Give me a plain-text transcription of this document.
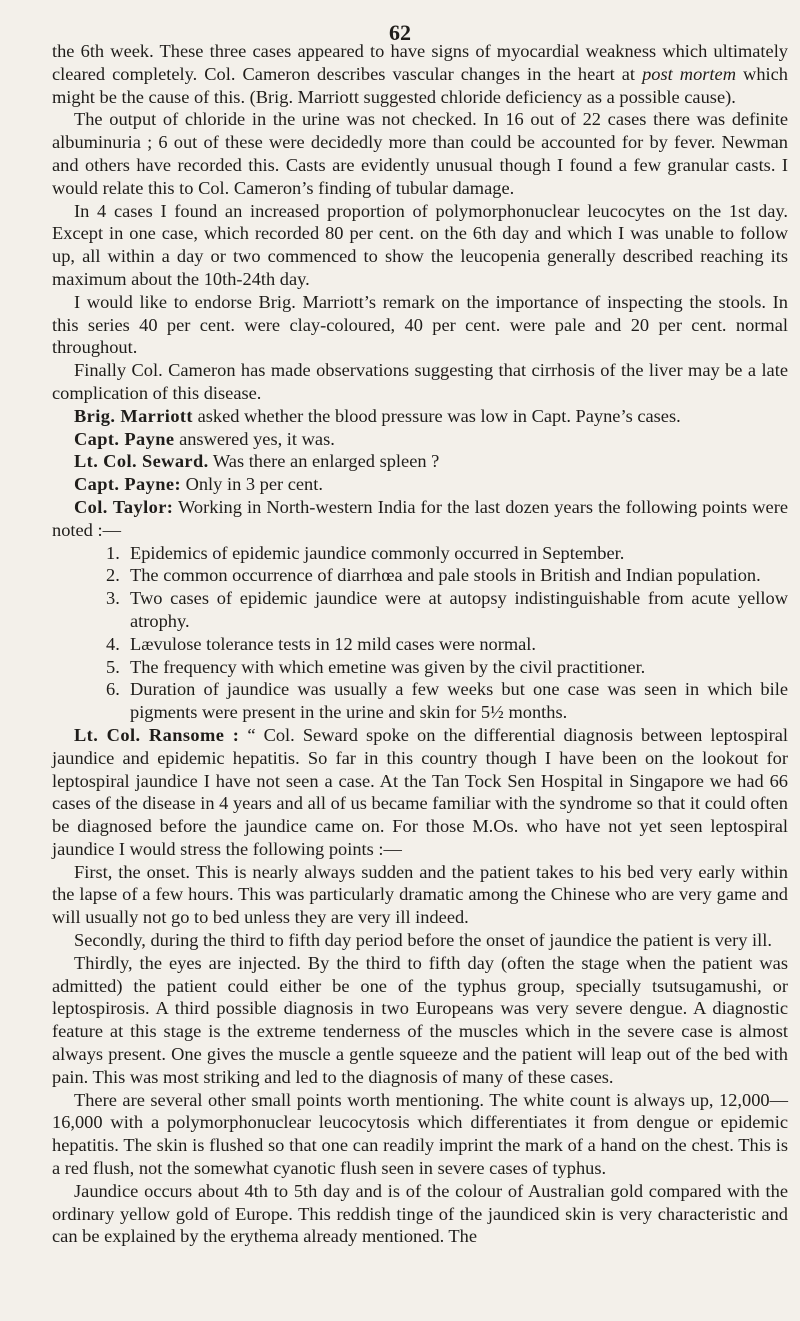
62

the 6th week. These three cases appeared to have signs of myocardial weakness which ultimately cleared completely. Col. Cameron describes vascular changes in the heart at post mortem which might be the cause of this. (Brig. Marriott suggested chloride deficiency as a possible cause).

The output of chloride in the urine was not checked. In 16 out of 22 cases there was definite albuminuria ; 6 out of these were decidedly more than could be accounted for by fever. Newman and others have recorded this. Casts are evidently unusual though I found a few granular casts. I would relate this to Col. Cameron’s finding of tubular damage.

In 4 cases I found an increased proportion of polymorphonuclear leucocytes on the 1st day. Except in one case, which recorded 80 per cent. on the 6th day and which I was unable to follow up, all within a day or two commenced to show the leucopenia generally described reaching its maximum about the 10th-24th day.

I would like to endorse Brig. Marriott’s remark on the importance of inspecting the stools. In this series 40 per cent. were clay-coloured, 40 per cent. were pale and 20 per cent. normal throughout.

Finally Col. Cameron has made observations suggesting that cirrhosis of the liver may be a late complication of this disease.

Brig. Marriott asked whether the blood pressure was low in Capt. Payne’s cases.

Capt. Payne answered yes, it was.

Lt. Col. Seward. Was there an enlarged spleen ?

Capt. Payne: Only in 3 per cent.

Col. Taylor: Working in North-western India for the last dozen years the following points were noted :—

1. Epidemics of epidemic jaundice commonly occurred in September.
2. The common occurrence of diarrhœa and pale stools in British and Indian population.
3. Two cases of epidemic jaundice were at autopsy indistinguishable from acute yellow atrophy.
4. Lævulose tolerance tests in 12 mild cases were normal.
5. The frequency with which emetine was given by the civil practitioner.
6. Duration of jaundice was usually a few weeks but one case was seen in which bile pigments were present in the urine and skin for 5½ months.

Lt. Col. Ransome : “ Col. Seward spoke on the differential diagnosis between leptospiral jaundice and epidemic hepatitis. So far in this country though I have been on the lookout for leptospiral jaundice I have not seen a case. At the Tan Tock Sen Hospital in Singapore we had 66 cases of the disease in 4 years and all of us became familiar with the syndrome so that it could often be diagnosed before the jaundice came on. For those M.Os. who have not yet seen leptospiral jaundice I would stress the following points :—

First, the onset. This is nearly always sudden and the patient takes to his bed very early within the lapse of a few hours. This was particularly dramatic among the Chinese who are very game and will usually not go to bed unless they are very ill indeed.

Secondly, during the third to fifth day period before the onset of jaundice the patient is very ill.

Thirdly, the eyes are injected. By the third to fifth day (often the stage when the patient was admitted) the patient could either be one of the typhus group, specially tsutsugamushi, or leptospirosis. A third possible diagnosis in two Europeans was very severe dengue. A diagnostic feature at this stage is the extreme tenderness of the muscles which in the severe case is almost always present. One gives the muscle a gentle squeeze and the patient will leap out of the bed with pain. This was most striking and led to the diagnosis of many of these cases.

There are several other small points worth mentioning. The white count is always up, 12,000—16,000 with a polymorphonuclear leucocytosis which differentiates it from dengue or epidemic hepatitis. The skin is flushed so that one can readily imprint the mark of a hand on the chest. This is a red flush, not the somewhat cyanotic flush seen in severe cases of typhus.

Jaundice occurs about 4th to 5th day and is of the colour of Australian gold compared with the ordinary yellow gold of Europe. This reddish tinge of the jaundiced skin is very characteristic and can be explained by the erythema already mentioned. The
